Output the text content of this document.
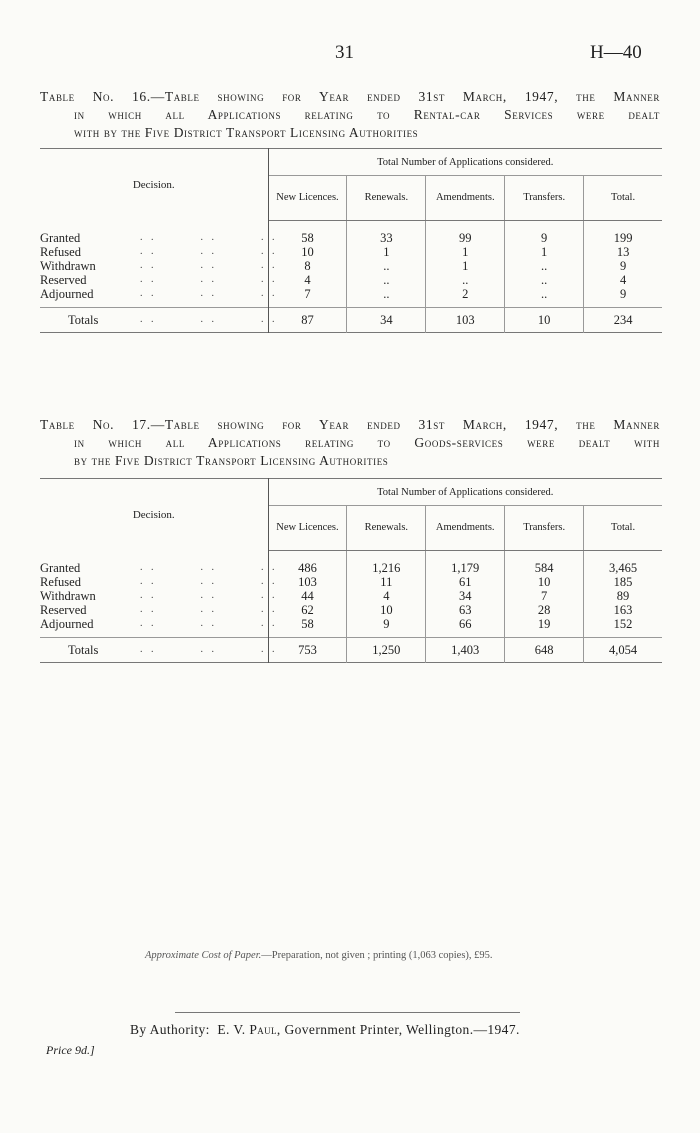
31	H—40
Table No. 16.—Table showing for Year ended 31st March, 1947, the Manner
in which all Applications relating to Rental-car Services were dealt
with by the Five District Transport Licensing Authorities
Decision.	Total Number of Applications considered.				
	New Licences.	Renewals.	Amendments.	Transfers.	Total.

Granted . .        . .        . .	58	33	99	9	199

Refused . .        . .        . .	10	1	1	1	13

Withdrawn . .        . .        . .	8	..	1	..	9

Reserved . .        . .        . .	4	..	..	..	4

Adjourned . .        . .        . .	7	..	2	..	9

Totals . .        . .        . .	87	34	103	10	234
Table No. 17.—Table showing for Year ended 31st March, 1947, the Manner
in which all Applications relating to Goods-services were dealt with
by the Five District Transport Licensing Authorities
Decision.	Total Number of Applications considered.				
	New Licences.	Renewals.	Amendments.	Transfers.	Total.

Granted . .        . .        . .	486	1,216	1,179	584	3,465

Refused . .        . .        . .	103	11	61	10	185

Withdrawn . .        . .        . .	44	4	34	7	89

Reserved . .        . .        . .	62	10	63	28	163

Adjourned . .        . .        . .	58	9	66	19	152

Totals . .        . .        . .	753	1,250	1,403	648	4,054
Approximate Cost of Paper.—Preparation, not given ; printing (1,063 copies), £95.
By Authority: E. V. Paul, Government Printer, Wellington.—1947.
Price 9d.]
